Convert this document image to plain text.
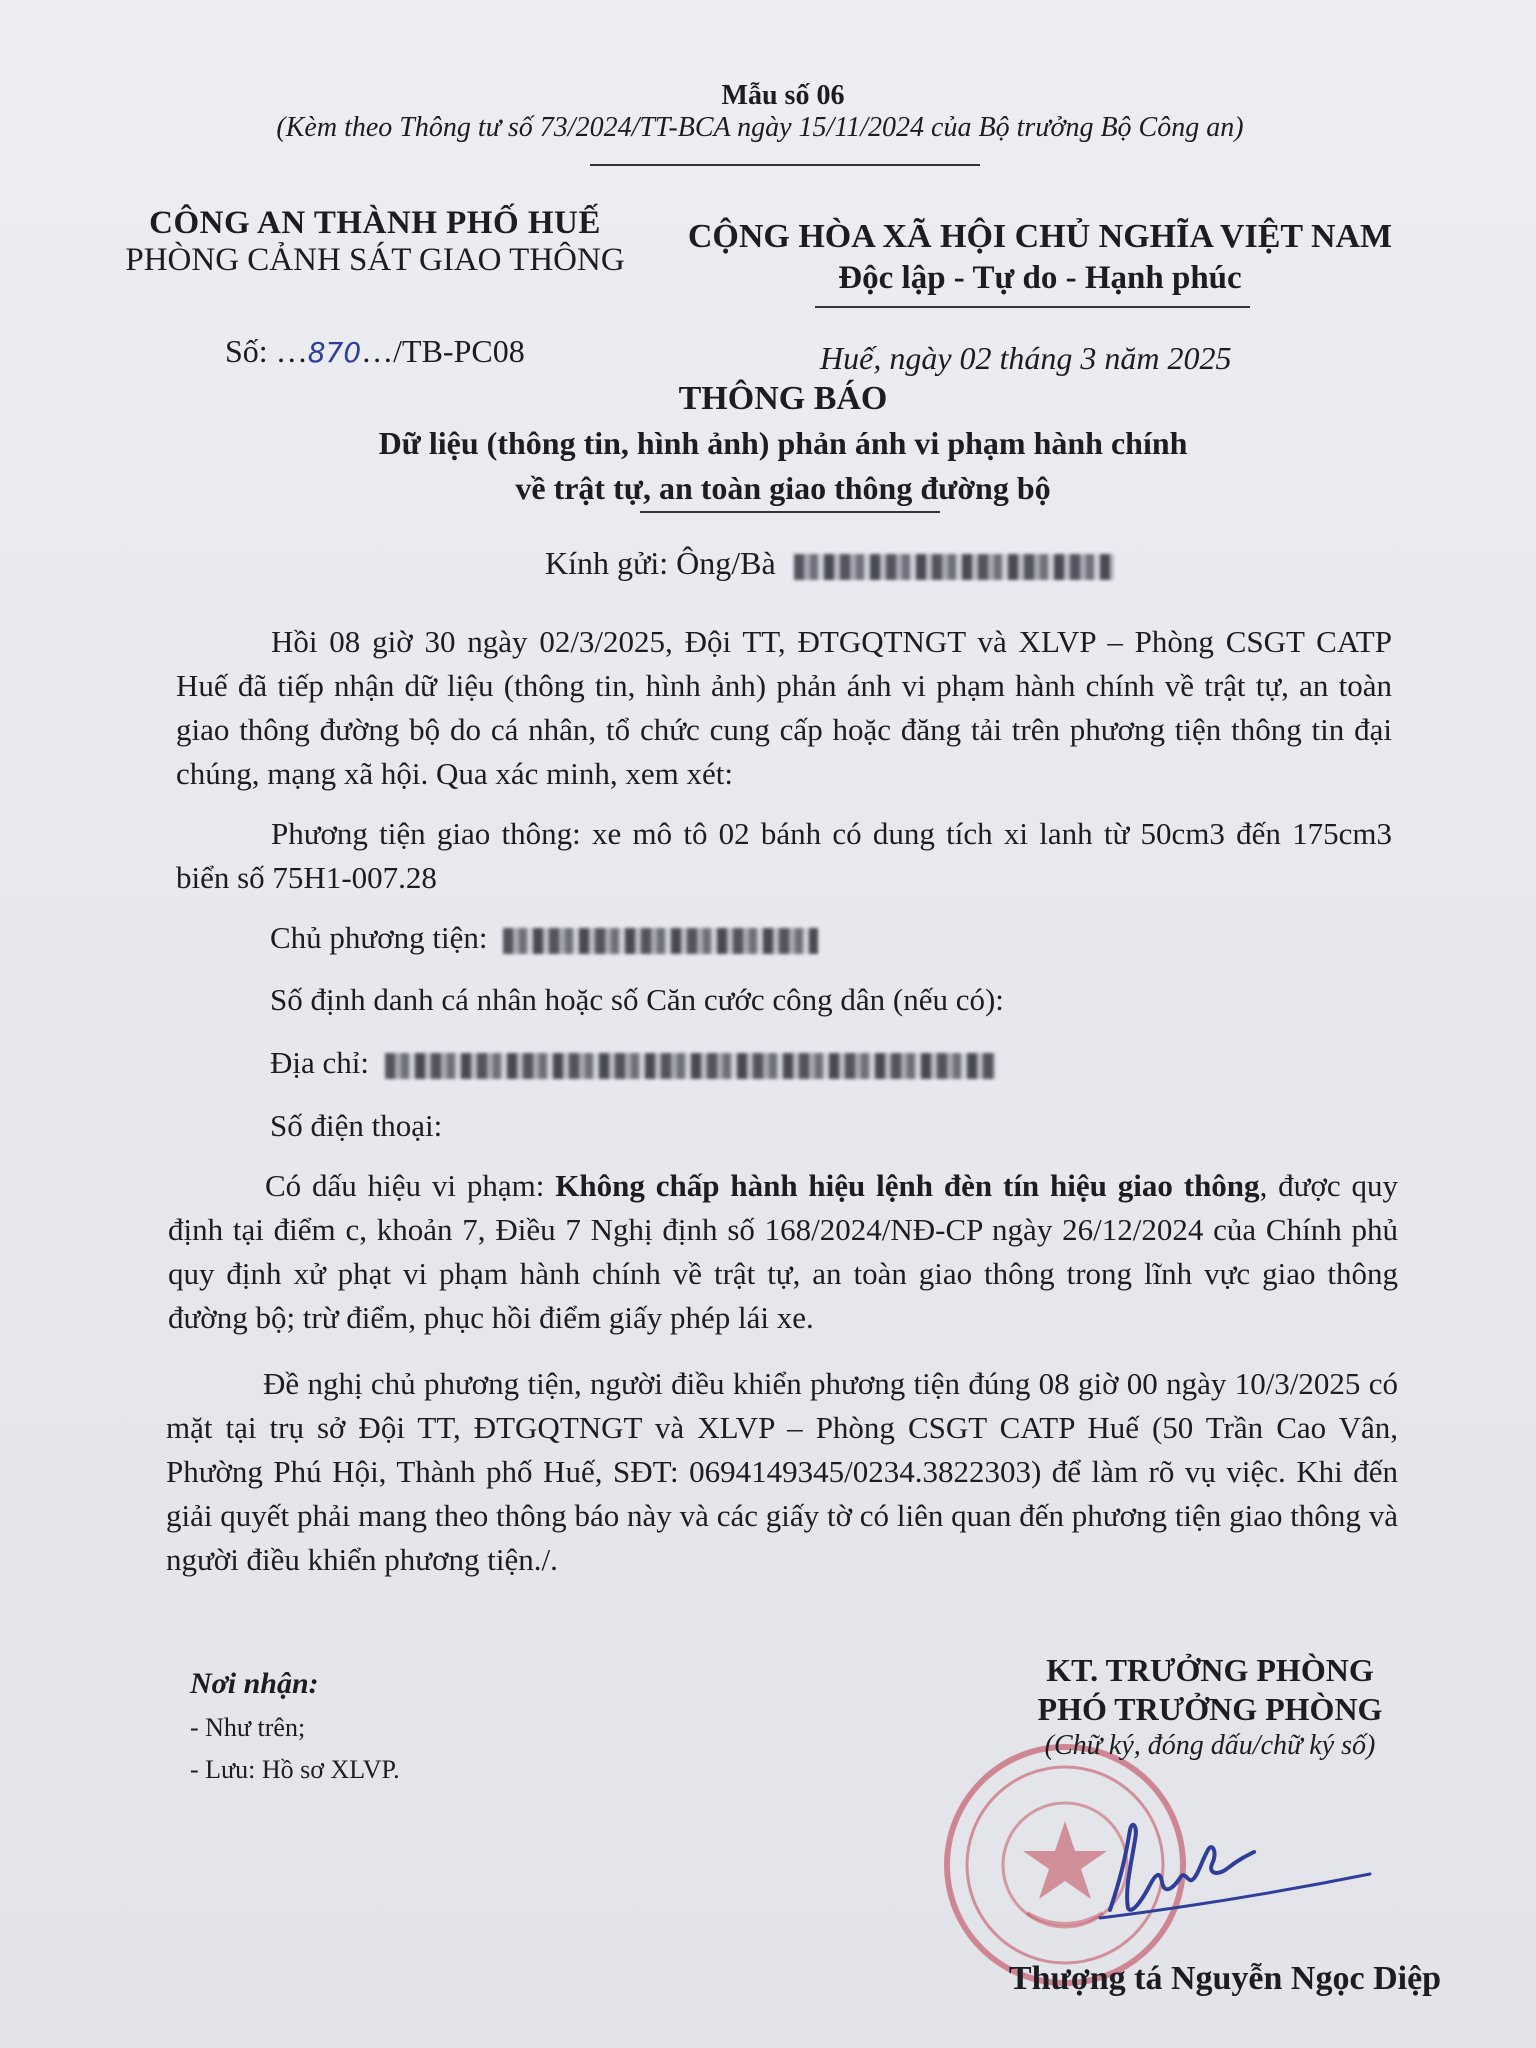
Mẫu số 06
(Kèm theo Thông tư số 73/2024/TT-BCA ngày 15/11/2024 của Bộ trưởng Bộ Công an)
CÔNG AN THÀNH PHỐ HUẾ
PHÒNG CẢNH SÁT GIAO THÔNG
CỘNG HÒA XÃ HỘI CHỦ NGHĨA VIỆT NAM
Độc lập - Tự do - Hạnh phúc
Số: …870…/TB-PC08	Huế, ngày 02 tháng 3 năm 2025
THÔNG BÁO
Dữ liệu (thông tin, hình ảnh) phản ánh vi phạm hành chính
về trật tự, an toàn giao thông đường bộ
Kính gửi: Ông/Bà
Hồi 08 giờ 30 ngày 02/3/2025, Đội TT, ĐTGQTNGT và XLVP – Phòng CSGT CATP Huế đã tiếp nhận dữ liệu (thông tin, hình ảnh) phản ánh vi phạm hành chính về trật tự, an toàn giao thông đường bộ do cá nhân, tổ chức cung cấp hoặc đăng tải trên phương tiện thông tin đại chúng, mạng xã hội. Qua xác minh, xem xét:
Phương tiện giao thông: xe mô tô 02 bánh có dung tích xi lanh từ 50cm3 đến 175cm3 biển số 75H1-007.28
Chủ phương tiện:
Số định danh cá nhân hoặc số Căn cước công dân (nếu có):
Địa chỉ:
Số điện thoại:
Có dấu hiệu vi phạm: Không chấp hành hiệu lệnh đèn tín hiệu giao thông, được quy định tại điểm c, khoản 7, Điều 7 Nghị định số 168/2024/NĐ-CP ngày 26/12/2024 của Chính phủ quy định xử phạt vi phạm hành chính về trật tự, an toàn giao thông trong lĩnh vực giao thông đường bộ; trừ điểm, phục hồi điểm giấy phép lái xe.
Đề nghị chủ phương tiện, người điều khiển phương tiện đúng 08 giờ 00 ngày 10/3/2025 có mặt tại trụ sở Đội TT, ĐTGQTNGT và XLVP – Phòng CSGT CATP Huế (50 Trần Cao Vân, Phường Phú Hội, Thành phố Huế, SĐT: 0694149345/0234.3822303) để làm rõ vụ việc. Khi đến giải quyết phải mang theo thông báo này và các giấy tờ có liên quan đến phương tiện giao thông và người điều khiển phương tiện./.
Nơi nhận:
- Như trên;
- Lưu: Hồ sơ XLVP.
KT. TRƯỞNG PHÒNG
PHÓ TRƯỞNG PHÒNG
(Chữ ký, đóng dấu/chữ ký số)
Thượng tá Nguyễn Ngọc Diệp
